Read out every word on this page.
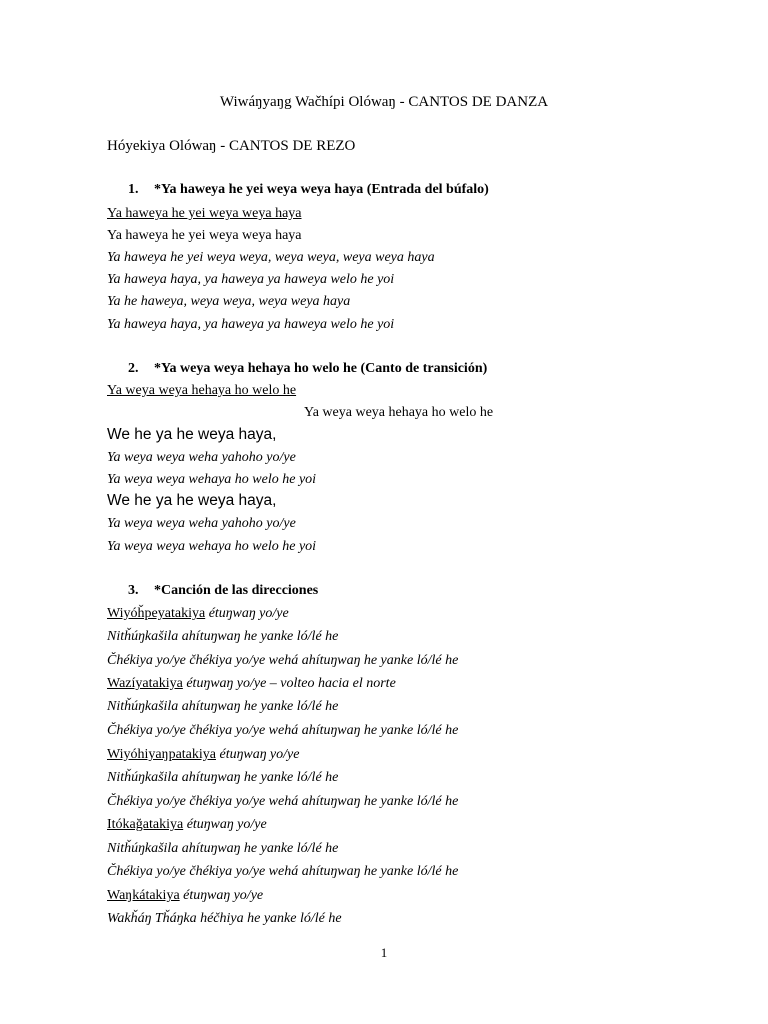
Wiwáŋyaŋg Wačhípi Olówaŋ - CANTOS DE DANZA
Hóyekiya Olówaŋ - CANTOS DE REZO
1. *Ya haweya he yei weya weya haya (Entrada del búfalo)
Ya haweya he yei weya weya haya
Ya haweya he yei weya weya haya
Ya haweya he yei weya weya, weya weya, weya weya haya
Ya haweya haya, ya haweya ya haweya welo he yoi
Ya he haweya, weya weya, weya weya haya
Ya haweya haya, ya haweya ya haweya welo he yoi
2. *Ya weya weya hehaya ho welo he (Canto de transición)
Ya weya weya hehaya ho welo he
Ya weya weya hehaya ho welo he
We he ya he weya haya,
Ya weya weya weha yahoho yo/ye
Ya weya weya wehaya ho welo he yoi
We he ya he weya haya,
Ya weya weya weha yahoho yo/ye
Ya weya weya wehaya ho welo he yoi
3. *Canción de las direcciones
Wiyóȟpeyatakiya étuŋwaŋ yo/ye
Nitȟúŋkašila ahítuŋwaŋ he yanke ló/lé he
Čhékiya yo/ye čhékiya yo/ye wehá ahítuŋwaŋ he yanke ló/lé he
Wazíyatakiya étuŋwaŋ yo/ye – volteo hacia el norte
Nitȟúŋkašila ahítuŋwaŋ he yanke ló/lé he
Čhékiya yo/ye čhékiya yo/ye wehá ahítuŋwaŋ he yanke ló/lé he
Wiyóhiyaŋpatakiya étuŋwaŋ yo/ye
Nitȟúŋkašila ahítuŋwaŋ he yanke ló/lé he
Čhékiya yo/ye čhékiya yo/ye wehá ahítuŋwaŋ he yanke ló/lé he
Itókağatakiya étuŋwaŋ yo/ye
Nitȟúŋkašila ahítuŋwaŋ he yanke ló/lé he
Čhékiya yo/ye čhékiya yo/ye wehá ahítuŋwaŋ he yanke ló/lé he
Waŋkátakiya étuŋwaŋ yo/ye
Wakȟáŋ Tȟáŋka héčhiya he yanke ló/lé he
1
